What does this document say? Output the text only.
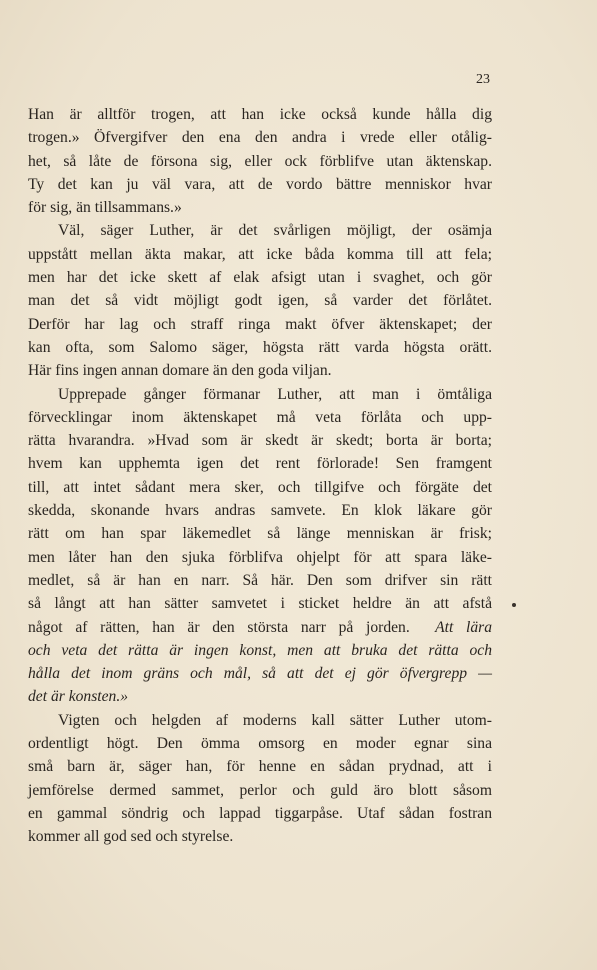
23
Han är alltför trogen, att han icke också kunde hålla dig
trogen.» Öfvergifver den ena den andra i vrede eller otålig-
het, så låte de försona sig, eller ock förblifve utan äktenskap.
Ty det kan ju väl vara, att de vordo bättre menniskor hvar
för sig, än tillsammans.»
Väl, säger Luther, är det svårligen möjligt, der osämja
uppstått mellan äkta makar, att icke båda komma till att fela;
men har det icke skett af elak afsigt utan i svaghet, och gör
man det så vidt möjligt godt igen, så varder det förlåtet.
Derför har lag och straff ringa makt öfver äktenskapet; der
kan ofta, som Salomo säger, högsta rätt varda högsta orätt.
Här fins ingen annan domare än den goda viljan.
Upprepade gånger förmanar Luther, att man i ömtåliga
förvecklingar inom äktenskapet må veta förlåta och upp-
rätta hvarandra. »Hvad som är skedt är skedt; borta är borta;
hvem kan upphemta igen det rent förlorade! Sen framgent
till, att intet sådant mera sker, och tillgifve och förgäte det
skedda, skonande hvars andras samvete. En klok läkare gör
rätt om han spar läkemedlet så länge menniskan är frisk;
men låter han den sjuka förblifva ohjelpt för att spara läke-
medlet, så är han en narr. Så här. Den som drifver sin rätt
så långt att han sätter samvetet i sticket heldre än att afstå
något af rätten, han är den största narr på jorden. Att lära
och veta det rätta är ingen konst, men att bruka det rätta och
hålla det inom gräns och mål, så att det ej gör öfvergrepp —
det är konsten.»
Vigten och helgden af moderns kall sätter Luther utom-
ordentligt högt. Den ömma omsorg en moder egnar sina
små barn är, säger han, för henne en sådan prydnad, att i
jemförelse dermed sammet, perlor och guld äro blott såsom
en gammal söndrig och lappad tiggarpåse. Utaf sådan fostran
kommer all god sed och styrelse.
